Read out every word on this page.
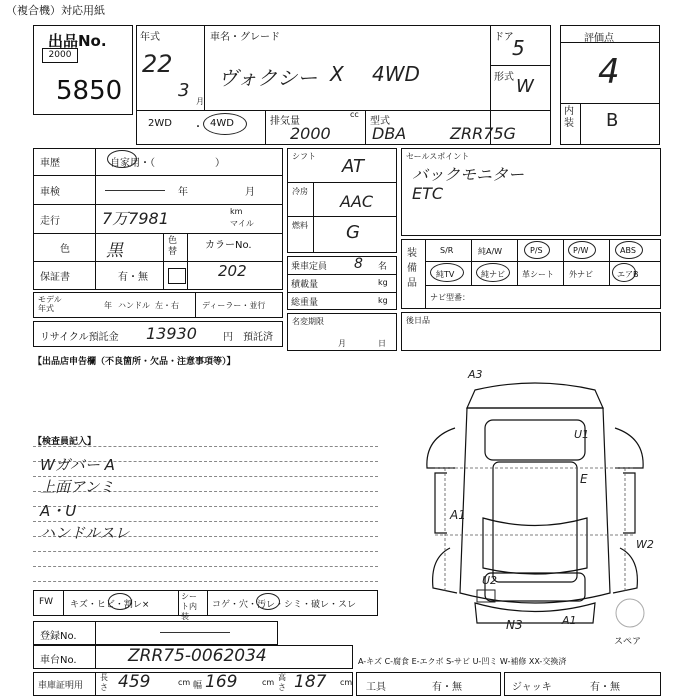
（複合機）対応用紙
出品No.
2000
5850
年式
22
3
月
車名・グレード
ヴォクシー X 4WD
ドア
5
形式 W
2WD ・ 4WD	排気量
cc
2000
型式
DBA	ZRR75G
評価点
4
内装 B
車歴	自家用・（　　　　　　）
車検	年	月
走行	7万7981	km
マイル
色 黒	色替
カラーNo.
202
保証書	有・無
モデル年式	年 ハンドル 左・右	ディーラー・並行
リサイクル預託金 13930	円 預託済
シフト AT
冷房
AAC
燃料 G
乗車定員 8 名
積載量	kg
総重量	kg
名変期限
月	日
セールスポイント
バックモニター
ETC
装備品
S/R	純A/W	P/S	P/W	ABS
純TV	純ナビ 革シート 外ナビ	エアB
ナビ型番：
後日品
【出品店申告欄（不良箇所・欠品・注意事項等）】
【検査員記入】
Wガバー A
上面アンミ
A・U
ハンドルスレ
A3
U1
E
A1
W2
U2
N3	A1
スペア
FW キズ・ヒビ・割レ×
シート内装
コゲ・穴・汚レ・シミ・破レ・スレ
登録No.
車台No.	ZRR75-0062034	A-キズ C-腐食 E-エクボ S-サビ U-凹ミ W-補修 XX-交換済
車庫証明用
長さ 459	cm 幅 169	cm
高さ 187 cm 工具	有・無	ジャッキ	有・無
